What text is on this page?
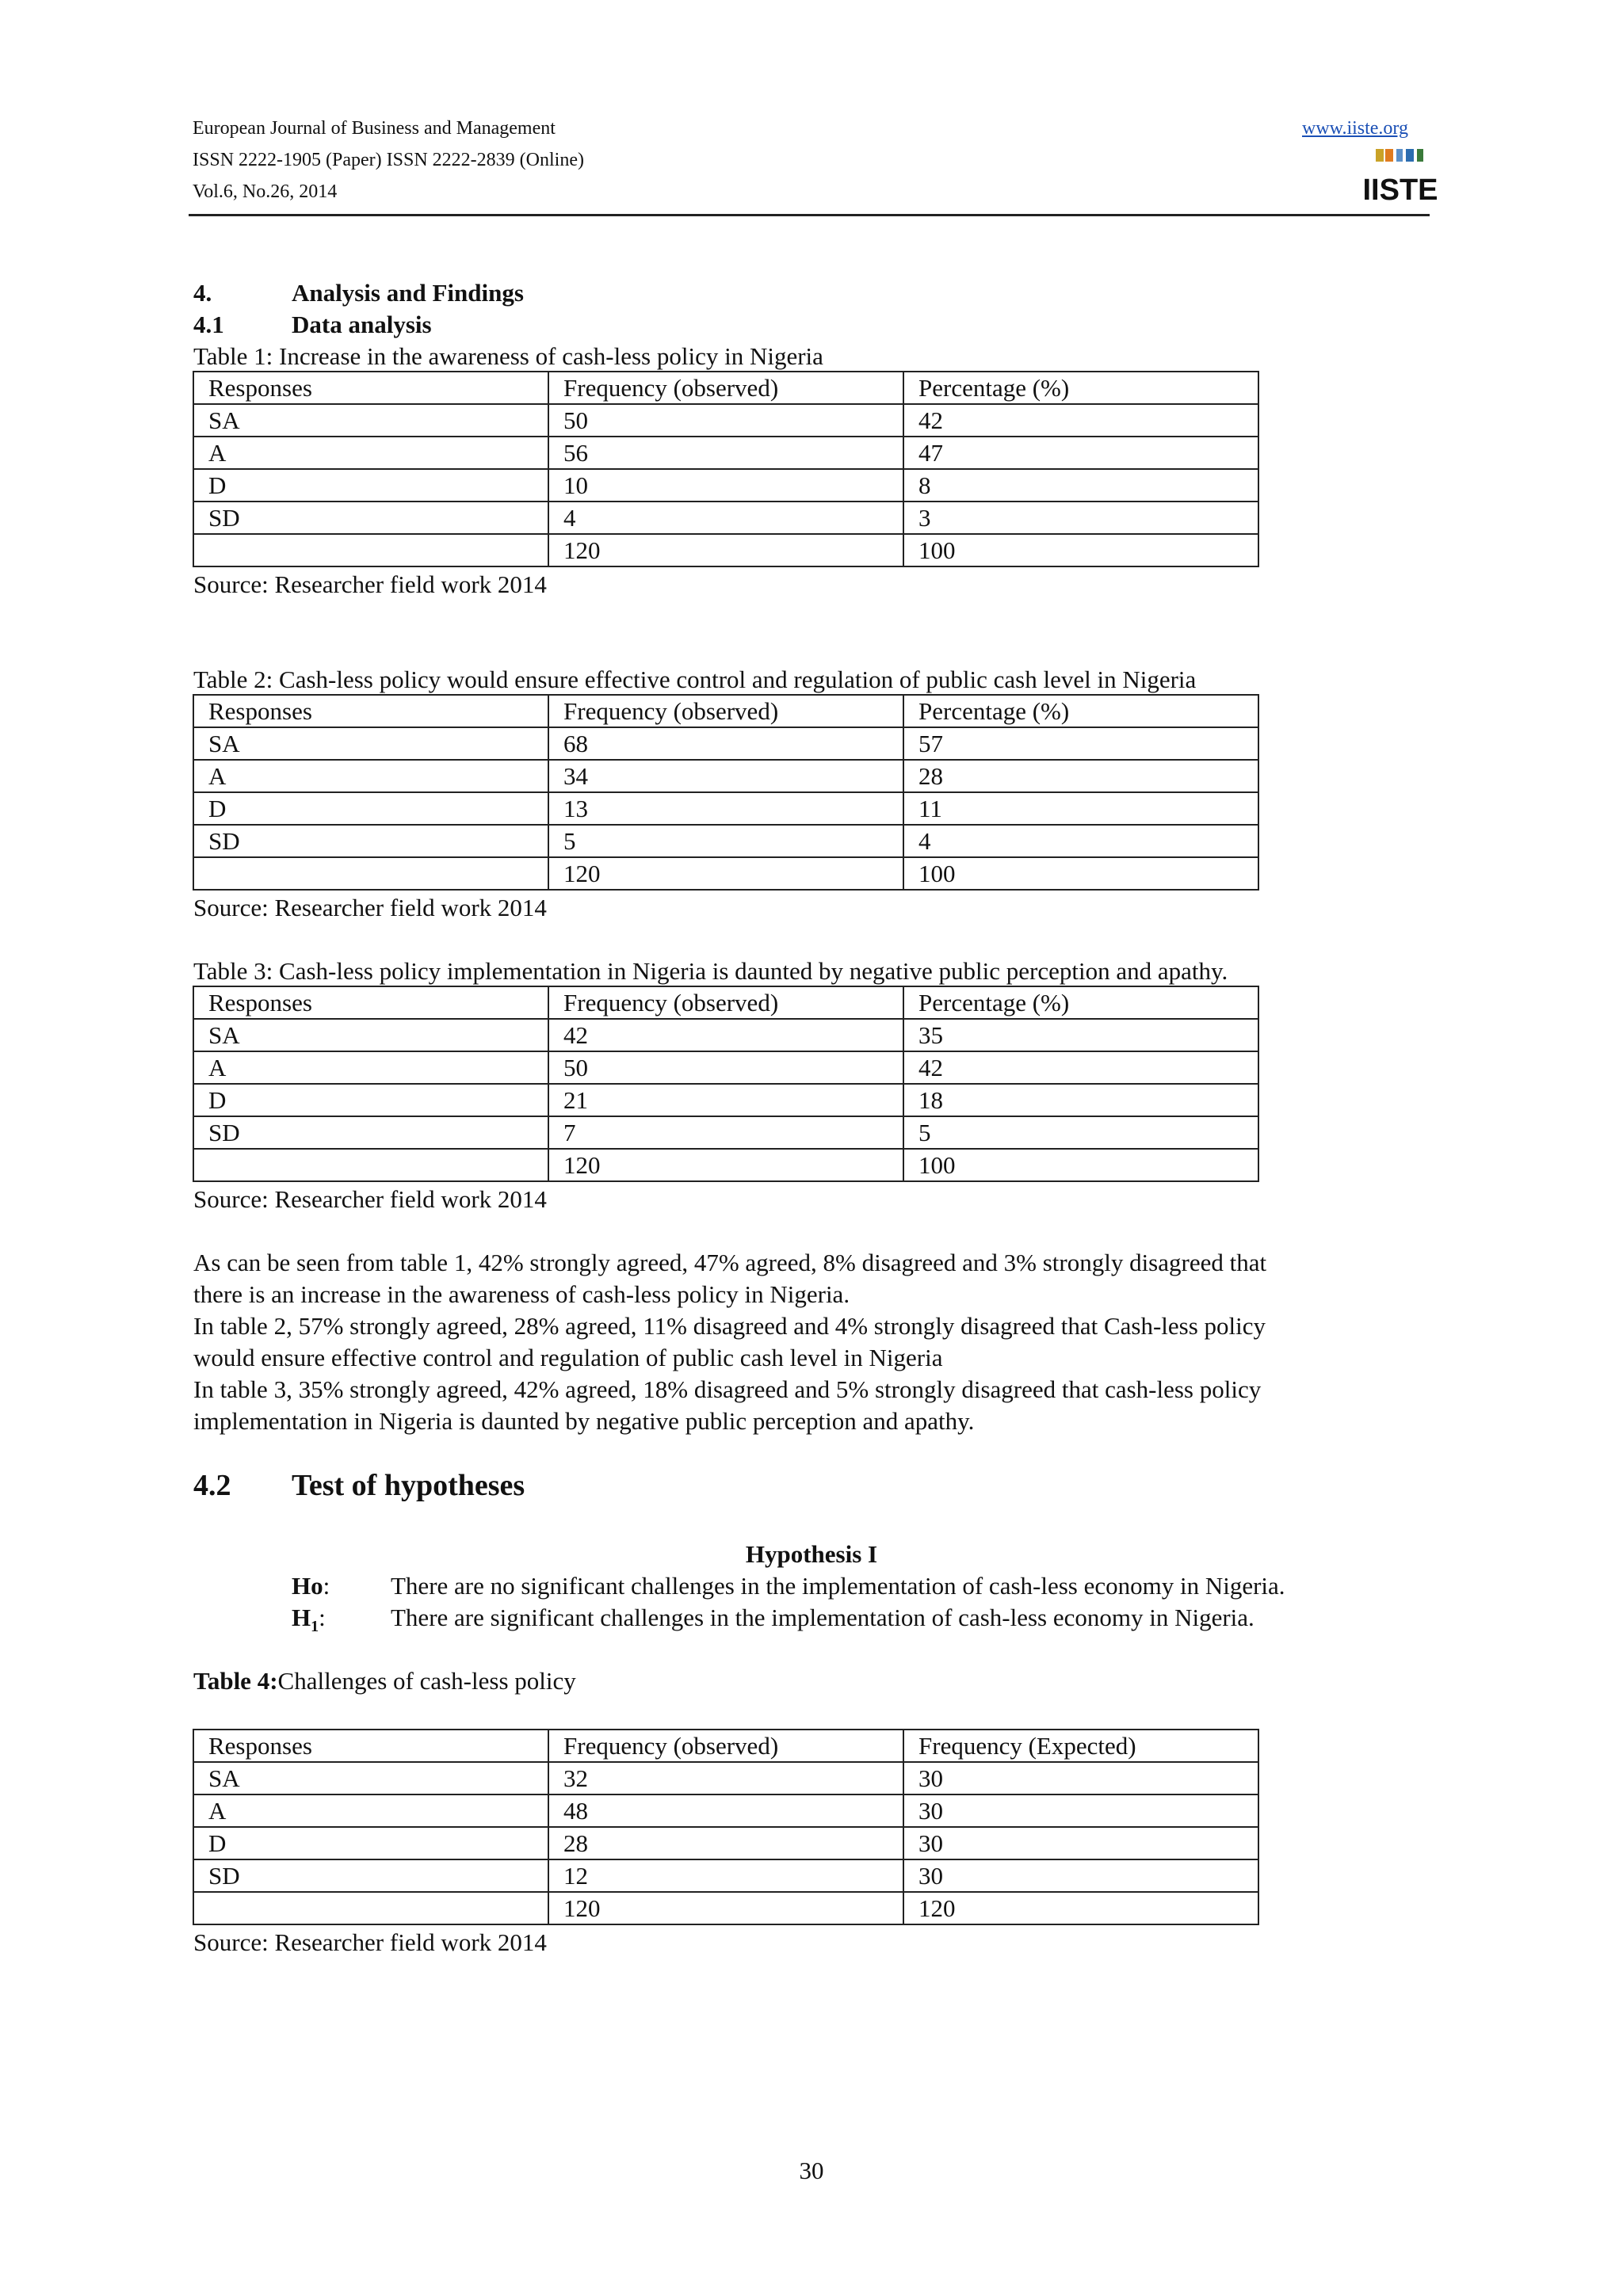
European Journal of Business and Management
ISSN 2222-1905 (Paper) ISSN 2222-2839 (Online)
Vol.6, No.26, 2014
www.iiste.org
IISTE
4.	Analysis and Findings
4.1	Data analysis
Table 1: Increase in the awareness of cash-less policy in Nigeria
Responses	Frequency (observed)	Percentage (%)
SA	50	42
A	56	47
D	10	8
SD	4	3
	120	100
Source: Researcher field work 2014
Table 2: Cash-less policy would ensure effective control and regulation of public cash level in Nigeria
Responses	Frequency (observed)	Percentage (%)
SA	68	57
A	34	28
D	13	11
SD	5	4
	120	100
Source: Researcher field work 2014
Table 3: Cash-less policy implementation in Nigeria is daunted by negative public perception and apathy.
Responses	Frequency (observed)	Percentage (%)
SA	42	35
A	50	42
D	21	18
SD	7	5
	120	100
Source: Researcher field work 2014
As can be seen from table 1, 42% strongly agreed, 47% agreed, 8% disagreed and 3% strongly disagreed that
there is an increase in the awareness of cash-less policy in Nigeria.
In table 2, 57% strongly agreed, 28% agreed, 11% disagreed and 4% strongly disagreed that Cash-less policy
would ensure effective control and regulation of public cash level in Nigeria
In table 3, 35% strongly agreed, 42% agreed, 18% disagreed and 5% strongly disagreed that cash-less policy
implementation in Nigeria is daunted by negative public perception and apathy.
4.2 Test of hypotheses
Hypothesis I
Ho: There are no significant challenges in the implementation of cash-less economy in Nigeria.
$H_1$:	There are significant challenges in the implementation of cash-less economy in Nigeria.
Table 4:Challenges of cash-less policy
Responses	Frequency (observed)	Frequency (Expected)
SA	32	30
A	48	30
D	28	30
SD	12	30
	120	120
Source: Researcher field work 2014
30
